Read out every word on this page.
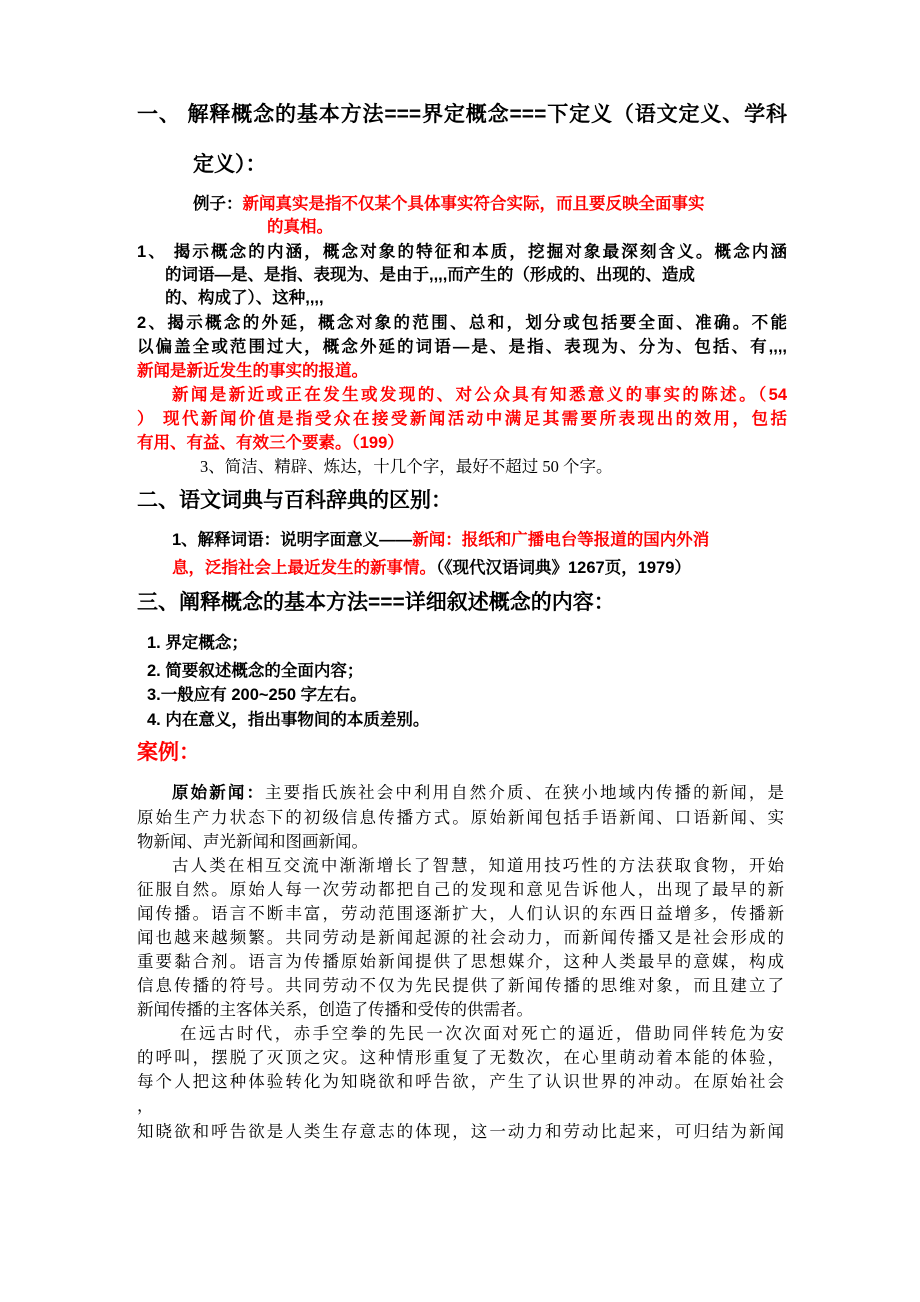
一、 解释概念的基本方法===界定概念===下定义（语文定义、学科
定义）：
例子：新闻真实是指不仅某个具体事实符合实际，而且要反映全面事实
的真相。
1、 揭示概念的内涵，概念对象的特征和本质，挖掘对象最深刻含义。概念内涵
的词语—是、是指、表现为、是由于,,,,而产生的（形成的、出现的、造成
的、构成了）、这种,,,,
2、揭示概念的外延，概念对象的范围、总和，划分或包括要全面、准确。不能
以偏盖全或范围过大，概念外延的词语—是、是指、表现为、分为、包括、有,,,,
新闻是新近发生的事实的报道。
新闻是新近或正在发生或发现的、对公众具有知悉意义的事实的陈述。（54
） 现代新闻价值是指受众在接受新闻活动中满足其需要所表现出的效用，包括
有用、有益、有效三个要素。（199）
3、简洁、精辟、炼达，十几个字，最好不超过 50 个字。
二、语文词典与百科辞典的区别：
1、解释词语：说明字面意义——新闻：报纸和广播电台等报道的国内外消
息，泛指社会上最近发生的新事情。（《现代汉语词典》1267页，1979）
三、阐释概念的基本方法===详细叙述概念的内容：
1. 界定概念；
2. 简要叙述概念的全面内容；
3.一般应有 200~250 字左右。
4. 内在意义，指出事物间的本质差别。
案例：
原始新闻：主要指氏族社会中利用自然介质、在狭小地域内传播的新闻，是
原始生产力状态下的初级信息传播方式。原始新闻包括手语新闻、口语新闻、实
物新闻、声光新闻和图画新闻。
古人类在相互交流中渐渐增长了智慧，知道用技巧性的方法获取食物，开始
征服自然。原始人每一次劳动都把自己的发现和意见告诉他人，出现了最早的新
闻传播。语言不断丰富，劳动范围逐渐扩大，人们认识的东西日益增多，传播新
闻也越来越频繁。共同劳动是新闻起源的社会动力，而新闻传播又是社会形成的
重要黏合剂。语言为传播原始新闻提供了思想媒介，这种人类最早的意媒，构成
信息传播的符号。共同劳动不仅为先民提供了新闻传播的思维对象，而且建立了
新闻传播的主客体关系，创造了传播和受传的供需者。
在远古时代，赤手空拳的先民一次次面对死亡的逼近，借助同伴转危为安
的呼叫，摆脱了灭顶之灾。这种情形重复了无数次，在心里萌动着本能的体验，
每个人把这种体验转化为知晓欲和呼告欲，产生了认识世界的冲动。在原始社会
，
知晓欲和呼告欲是人类生存意志的体现，这一动力和劳动比起来，可归结为新闻
